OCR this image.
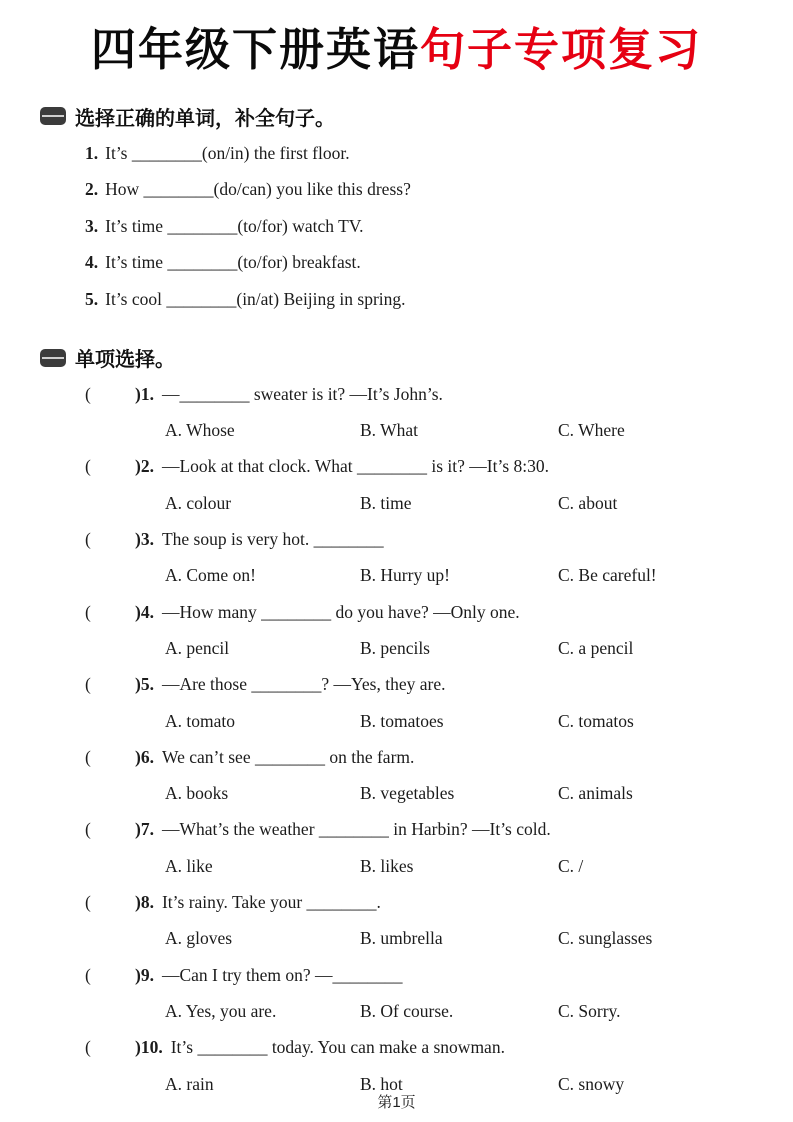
四年级下册英语句子专项复习
选择正确的单词，补全句子。
1. It’s ________(on/in) the first floor.
2. How ________(do/can) you like this dress?
3. It’s time ________(to/for) watch TV.
4. It’s time ________(to/for) breakfast.
5. It’s cool ________(in/at) Beijing in spring.
单项选择。
(	)1. —________ sweater is it? —It’s John’s.
A. Whose	B. What	C. Where
(	)2. —Look at that clock. What ________ is it? —It’s 8:30.
A. colour	B. time	C. about
(	)3. The soup is very hot. ________
A. Come on!	B. Hurry up!	C. Be careful!
(	)4. —How many ________ do you have? —Only one.
A. pencil	B. pencils	C. a pencil
(	)5. —Are those ________? —Yes, they are.
A. tomato	B. tomatoes	C. tomatos
(	)6. We can’t see ________ on the farm.
A. books	B. vegetables	C. animals
(	)7. —What’s the weather ________ in Harbin? —It’s cold.
A. like	B. likes	C. /
(	)8. It’s rainy. Take your ________.
A. gloves	B. umbrella	C. sunglasses
(	)9. —Can I try them on? —________
A. Yes, you are.	B. Of course.	C. Sorry.
(	)10. It’s ________ today. You can make a snowman.
A. rain	B. hot	C. snowy
第1页
